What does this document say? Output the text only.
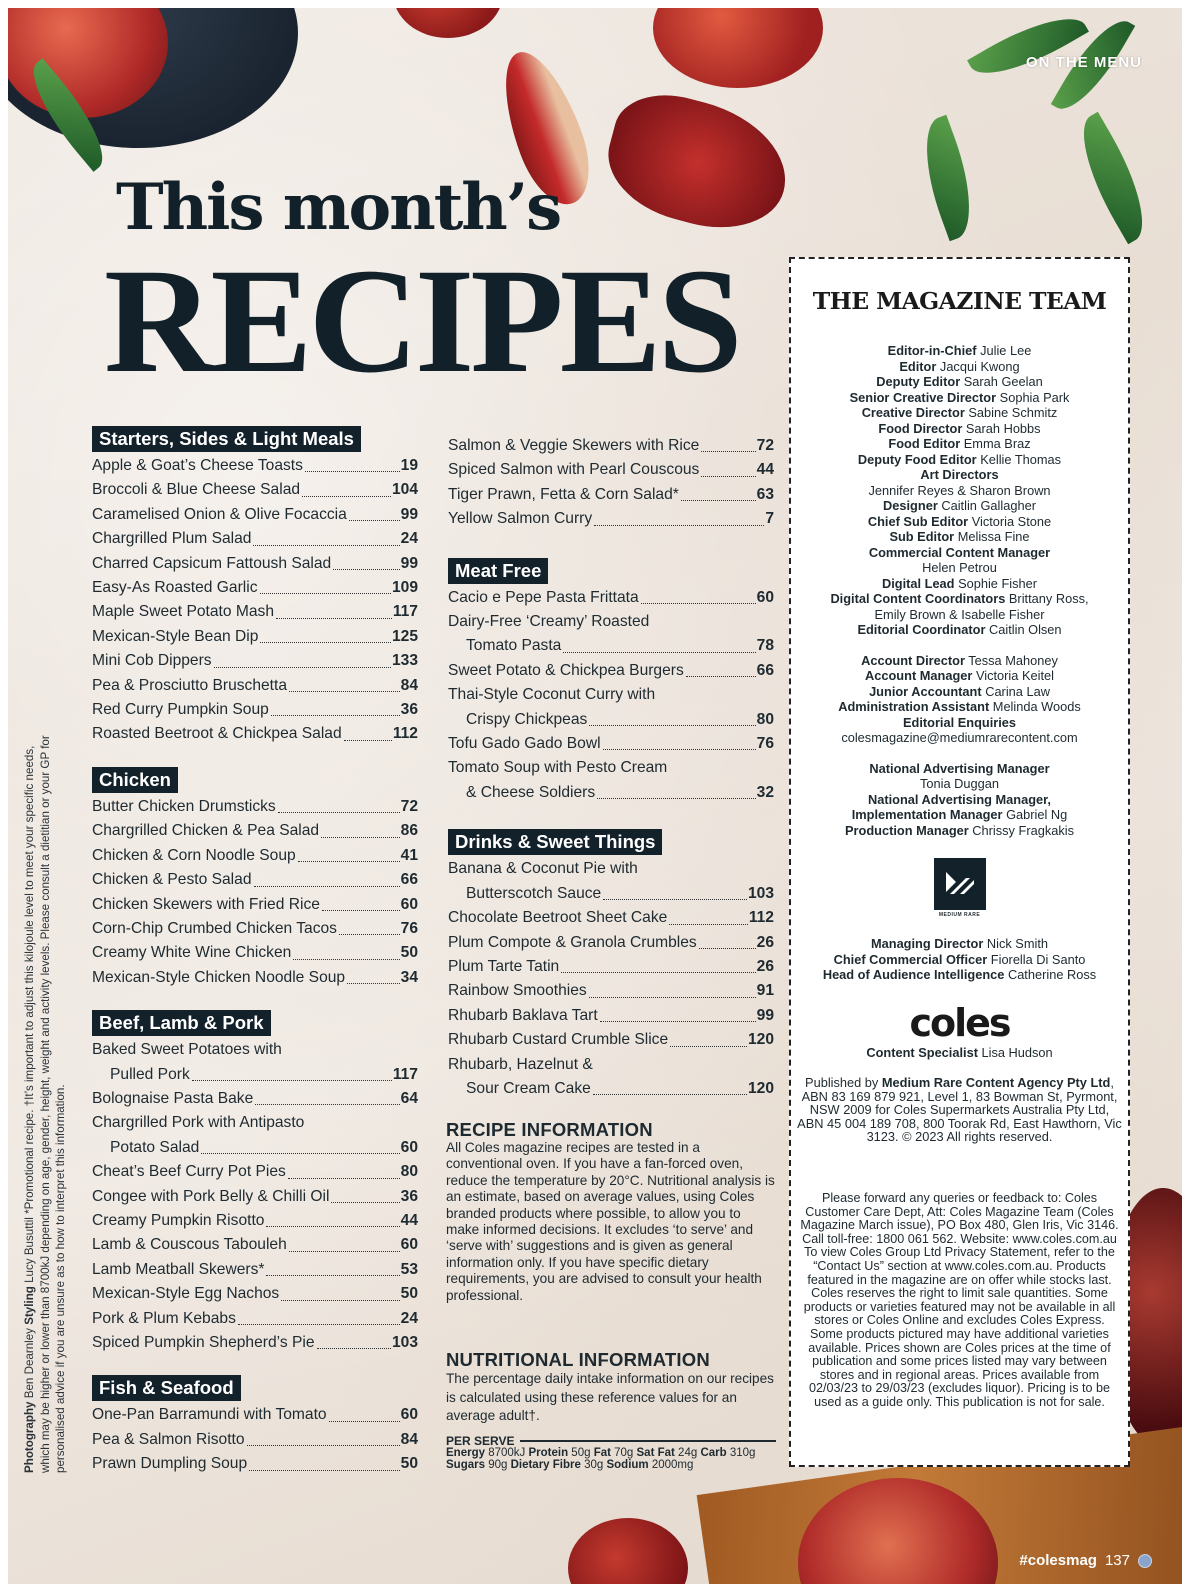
ON THE MENU
This month’s
RECIPES
Starters, Sides & Light Meals
Apple & Goat’s Cheese Toasts	19
Broccoli & Blue Cheese Salad	104
Caramelised Onion & Olive Focaccia	99
Chargrilled Plum Salad	24
Charred Capsicum Fattoush Salad	99
Easy-As Roasted Garlic	109
Maple Sweet Potato Mash	117
Mexican-Style Bean Dip	125
Mini Cob Dippers	133
Pea & Prosciutto Bruschetta	84
Red Curry Pumpkin Soup	36
Roasted Beetroot & Chickpea Salad	112
Chicken
Butter Chicken Drumsticks	72
Chargrilled Chicken & Pea Salad	86
Chicken & Corn Noodle Soup	41
Chicken & Pesto Salad	66
Chicken Skewers with Fried Rice	60
Corn-Chip Crumbed Chicken Tacos	76
Creamy White Wine Chicken	50
Mexican-Style Chicken Noodle Soup	34
Beef, Lamb & Pork
Baked Sweet Potatoes with
Pulled Pork	117
Bolognaise Pasta Bake	64
Chargrilled Pork with Antipasto
Potato Salad	60
Cheat’s Beef Curry Pot Pies	80
Congee with Pork Belly & Chilli Oil	36
Creamy Pumpkin Risotto	44
Lamb & Couscous Tabouleh	60
Lamb Meatball Skewers*	53
Mexican-Style Egg Nachos	50
Pork & Plum Kebabs	24
Spiced Pumpkin Shepherd’s Pie	103
Fish & Seafood
One-Pan Barramundi with Tomato	60
Pea & Salmon Risotto	84
Prawn Dumpling Soup	50
Salmon & Veggie Skewers with Rice	72
Spiced Salmon with Pearl Couscous	44
Tiger Prawn, Fetta & Corn Salad*	63
Yellow Salmon Curry	7
Meat Free
Cacio e Pepe Pasta Frittata	60
Dairy-Free ‘Creamy’ Roasted
Tomato Pasta	78
Sweet Potato & Chickpea Burgers	66
Thai-Style Coconut Curry with
Crispy Chickpeas	80
Tofu Gado Gado Bowl	76
Tomato Soup with Pesto Cream
& Cheese Soldiers	32
Drinks & Sweet Things
Banana & Coconut Pie with
Butterscotch Sauce	103
Chocolate Beetroot Sheet Cake	112
Plum Compote & Granola Crumbles	26
Plum Tarte Tatin	26
Rainbow Smoothies	91
Rhubarb Baklava Tart	99
Rhubarb Custard Crumble Slice	120
Rhubarb, Hazelnut &
Sour Cream Cake	120
RECIPE INFORMATION

All Coles magazine recipes are tested in a conventional oven. If you have a fan-forced oven, reduce the temperature by 20°C. Nutritional analysis is an estimate, based on average values, using Coles branded products where possible, to allow you to make informed decisions. It excludes ‘to serve’ and ‘serve with’ suggestions and is given as general information only. If you have specific dietary requirements, you are advised to consult your health professional.

NUTRITIONAL INFORMATION

The percentage daily intake information on our recipes is calculated using these reference values for an average adult†.

PER SERVE
Energy 8700kJ Protein 50g Fat 70g Sat Fat 24g Carb 310g Sugars 90g Dietary Fibre 30g Sodium 2000mg
THE MAGAZINE TEAM
Editor-in-Chief Julie Lee
Editor Jacqui Kwong
Deputy Editor Sarah Geelan
Senior Creative Director Sophia Park
Creative Director Sabine Schmitz
Food Director Sarah Hobbs
Food Editor Emma Braz
Deputy Food Editor Kellie Thomas
Art Directors
Jennifer Reyes & Sharon Brown
Designer Caitlin Gallagher
Chief Sub Editor Victoria Stone
Sub Editor Melissa Fine
Commercial Content Manager
Helen Petrou
Digital Lead Sophie Fisher
Digital Content Coordinators Brittany Ross,
Emily Brown & Isabelle Fisher
Editorial Coordinator Caitlin Olsen
Account Director Tessa Mahoney
Account Manager Victoria Keitel
Junior Accountant Carina Law
Administration Assistant Melinda Woods
Editorial Enquiries
colesmagazine@mediumrarecontent.com
National Advertising Manager
Tonia Duggan
National Advertising Manager,
Implementation Manager Gabriel Ng
Production Manager Chrissy Fragkakis
MEDIUM RARE
Managing Director Nick Smith
Chief Commercial Officer Fiorella Di Santo
Head of Audience Intelligence Catherine Ross
coles
Content Specialist Lisa Hudson
Published by Medium Rare Content Agency Pty Ltd, ABN 83 169 879 921, Level 1, 83 Bowman St, Pyrmont, NSW 2009 for Coles Supermarkets Australia Pty Ltd, ABN 45 004 189 708, 800 Toorak Rd, East Hawthorn, Vic 3123. © 2023 All rights reserved.
Please forward any queries or feedback to: Coles Customer Care Dept, Att: Coles Magazine Team (Coles Magazine March issue), PO Box 480, Glen Iris, Vic 3146. Call toll-free: 1800 061 562. Website: www.coles.com.au To view Coles Group Ltd Privacy Statement, refer to the “Contact Us” section at www.coles.com.au. Products featured in the magazine are on offer while stocks last. Coles reserves the right to limit sale quantities. Some products or varieties featured may not be available in all stores or Coles Online and excludes Coles Express. Some products pictured may have additional varieties available. Prices shown are Coles prices at the time of publication and some prices listed may vary between stores and in regional areas. Prices available from 02/03/23 to 29/03/23 (excludes liquor). Pricing is to be used as a guide only. This publication is not for sale.
Photography Ben Dearnley Styling Lucy Busuttil *Promotional recipe. †It’s important to adjust this kilojoule level to meet your specific needs, which may be higher or lower than 8700kJ depending on age, gender, height, weight and activity levels. Please consult a dietitian or your GP for personalised advice if you are unsure as to how to interpret this information.
#colesmag 137
